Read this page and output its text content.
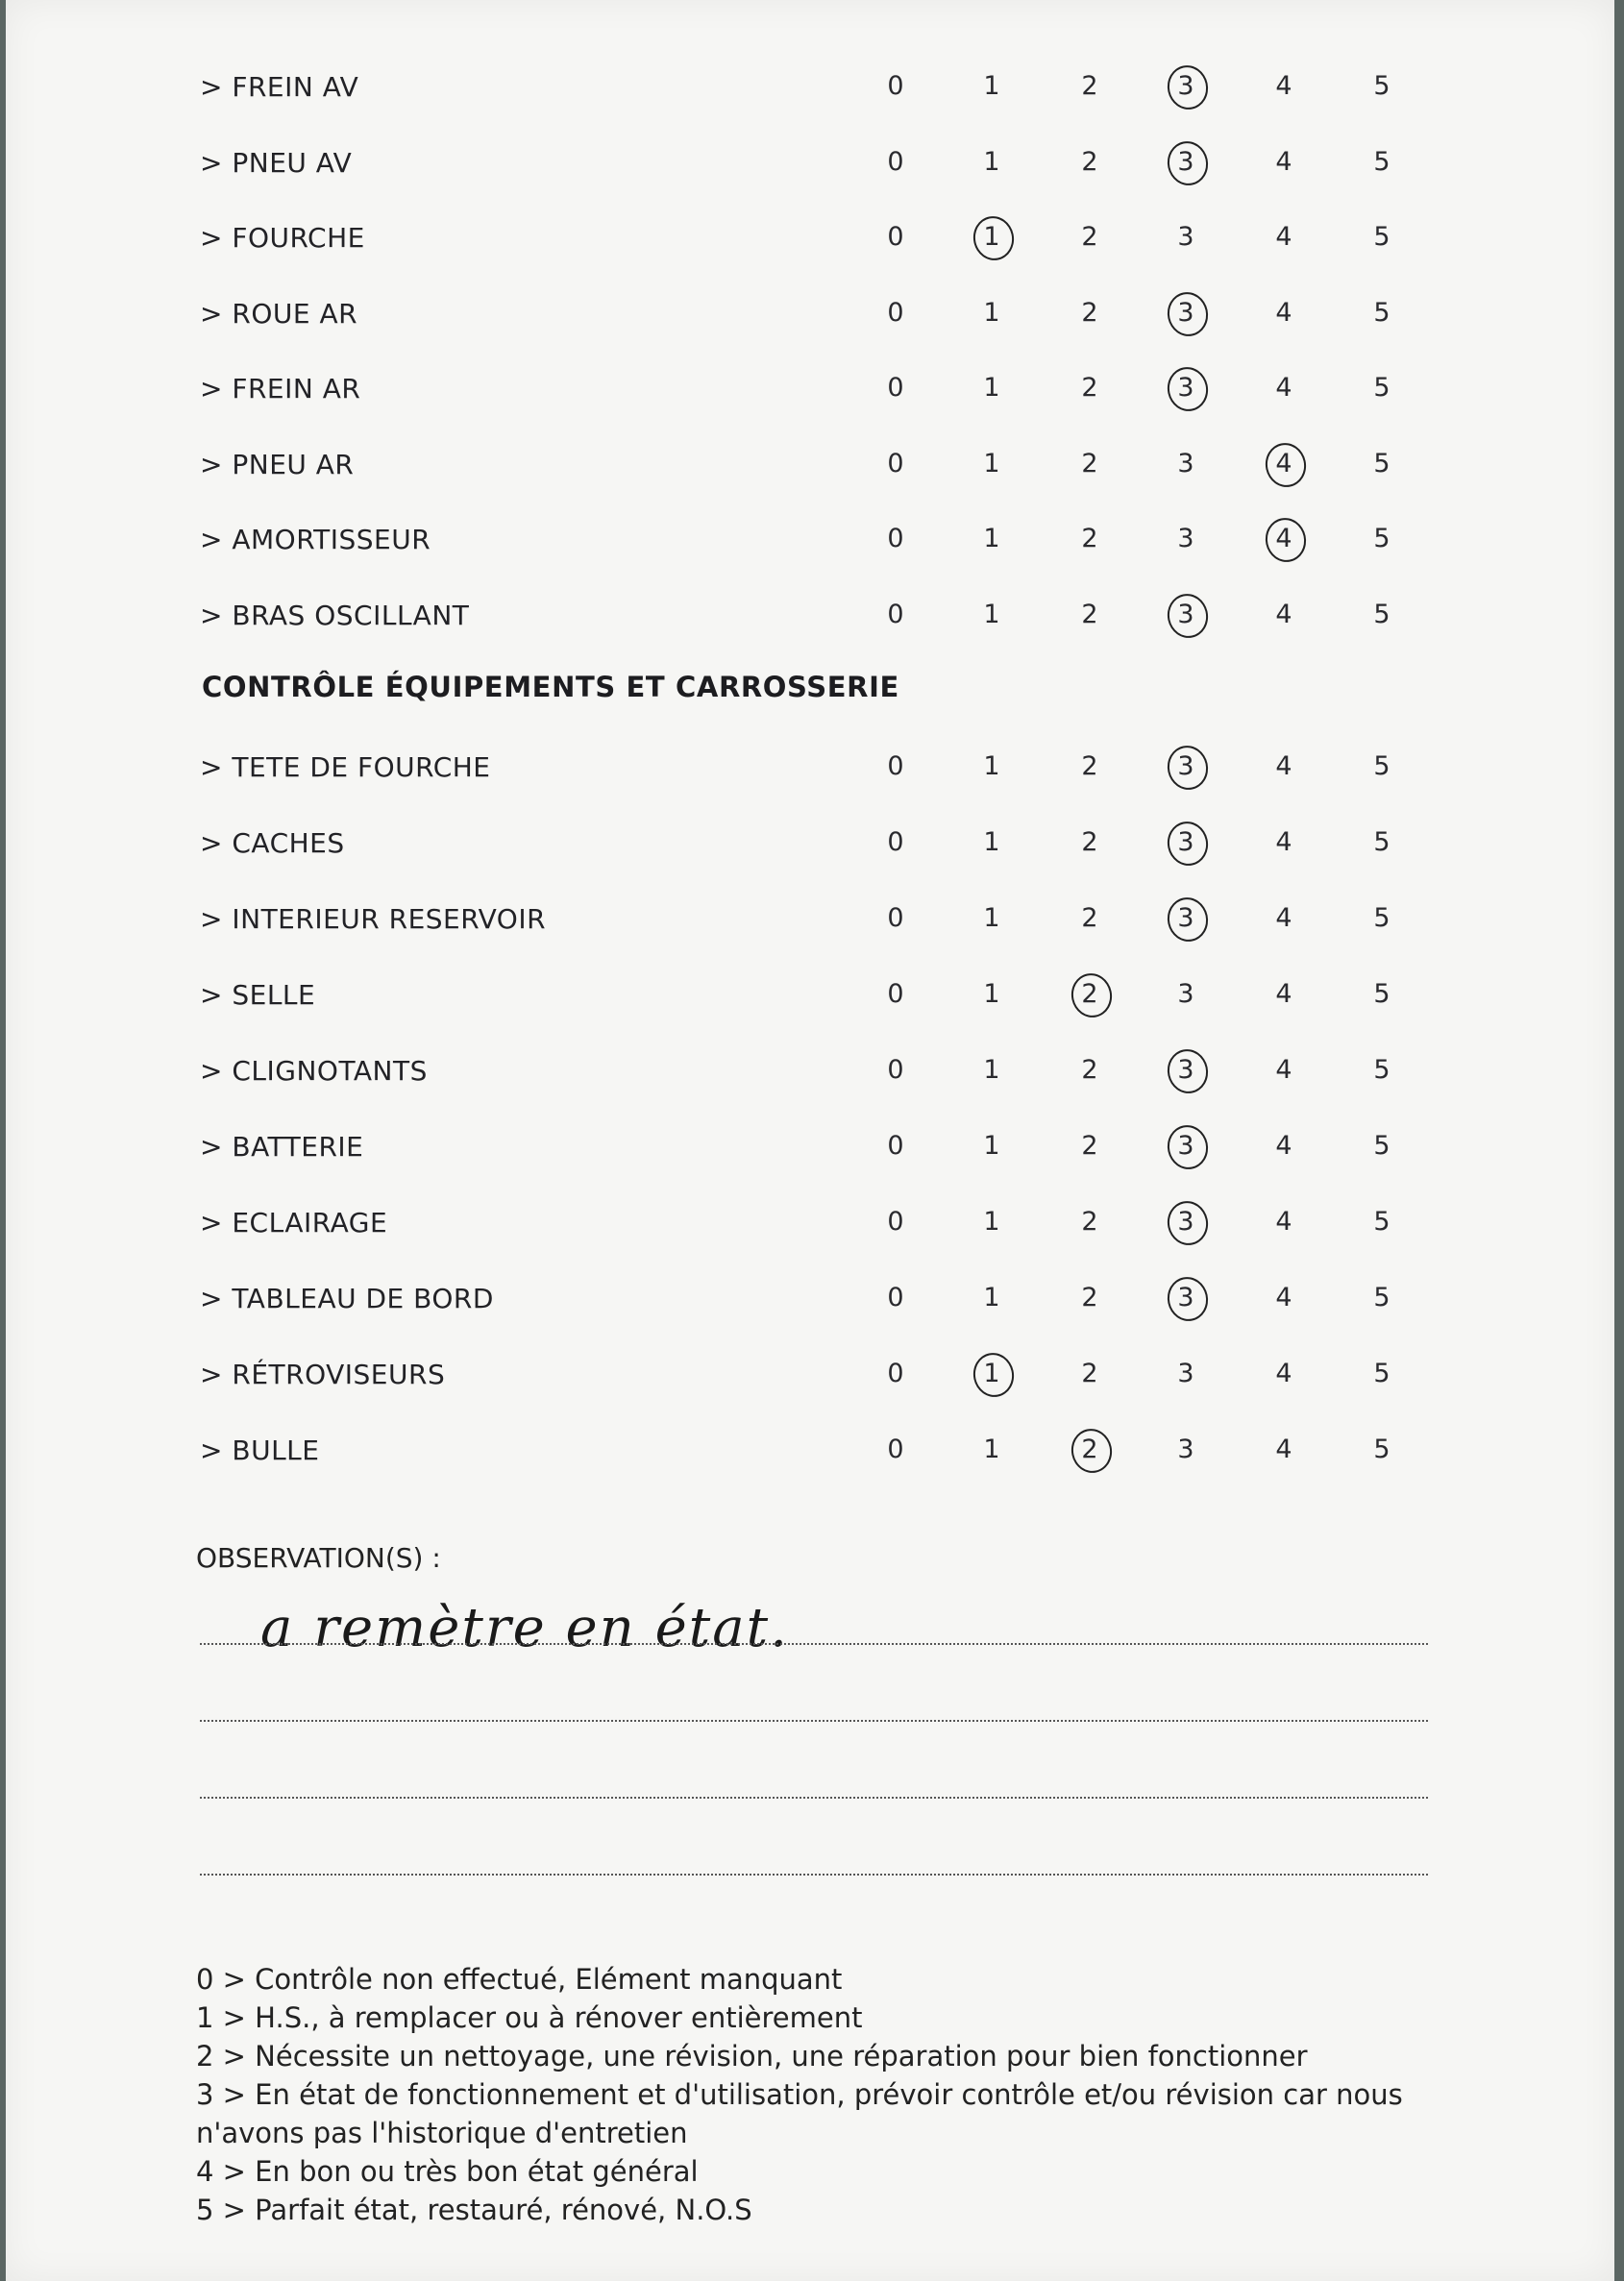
> FREIN AV	0	1	2	3	4	5
> PNEU AV	0	1	2	3	4	5
> FOURCHE	0	1	2	3	4	5
> ROUE AR	0	1	2	3	4	5
> FREIN AR	0	1	2	3	4	5
> PNEU AR	0	1	2	3	4	5
> AMORTISSEUR	0	1	2	3	4	5
> BRAS OSCILLANT	0	1	2	3	4	5
> TETE DE FOURCHE	0	1	2	3	4	5
> CACHES	0	1	2	3	4	5
> INTERIEUR RESERVOIR	0	1	2	3	4	5
> SELLE	0	1	2	3	4	5
> CLIGNOTANTS	0	1	2	3	4	5
> BATTERIE	0	1	2	3	4	5
> ECLAIRAGE	0	1	2	3	4	5
> TABLEAU DE BORD	0	1	2	3	4	5
> RÉTROVISEURS	0	1	2	3	4	5
> BULLE	0	1	2	3	4	5
CONTRÔLE ÉQUIPEMENTS ET CARROSSERIE
OBSERVATION(S) :
a remètre en état.
0 > Contrôle non effectué, Elément manquant
1 > H.S., à remplacer ou à rénover entièrement
2 > Nécessite un nettoyage, une révision, une réparation pour bien fonctionner
3 > En état de fonctionnement et d'utilisation, prévoir contrôle et/ou révision car nous n'avons pas l'historique d'entretien
4 > En bon ou très bon état général
5 > Parfait état, restauré, rénové, N.O.S
